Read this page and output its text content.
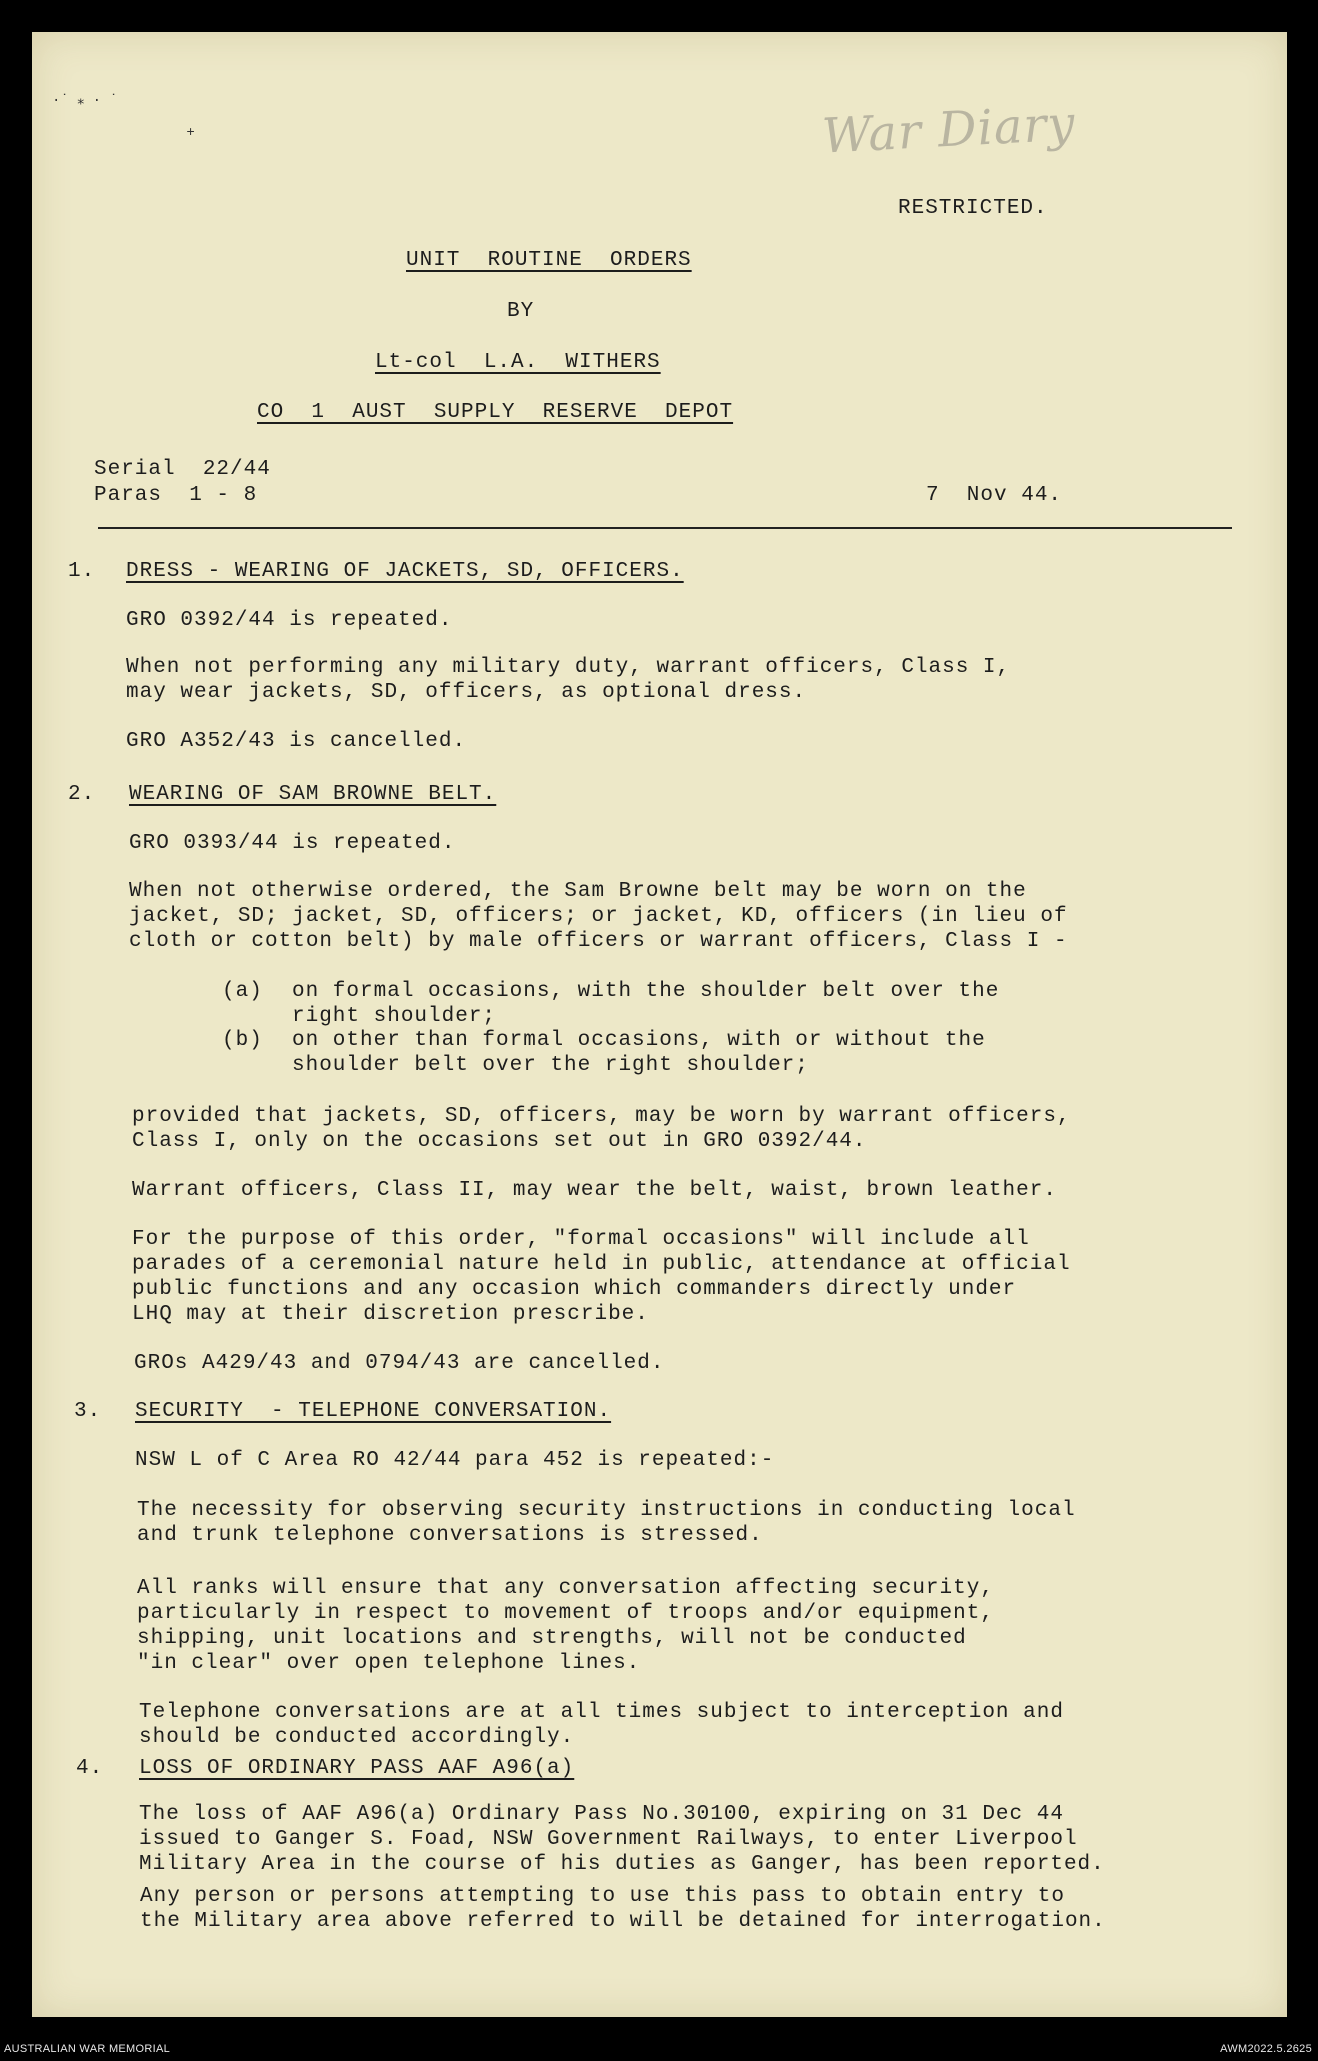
·˙ ⁎ · ˙

+	War Diary
RESTRICTED.
UNIT  ROUTINE  ORDERS
BY
Lt-col  L.A.  WITHERS
CO  1  AUST  SUPPLY  RESERVE  DEPOT
Serial  22/44
Paras  1 - 8	7  Nov 44.
1. DRESS - WEARING OF JACKETS, SD, OFFICERS.
GRO 0392/44 is repeated.
When not performing any military duty, warrant officers, Class I,
may wear jackets, SD, officers, as optional dress.
GRO A352/43 is cancelled.
2. WEARING OF SAM BROWNE BELT.
GRO 0393/44 is repeated.
When not otherwise ordered, the Sam Browne belt may be worn on the
jacket, SD; jacket, SD, officers; or jacket, KD, officers (in lieu of
cloth or cotton belt) by male officers or warrant officers, Class I -
(a) on formal occasions, with the shoulder belt over the
right shoulder;
(b) on other than formal occasions, with or without the
shoulder belt over the right shoulder;
provided that jackets, SD, officers, may be worn by warrant officers,
Class I, only on the occasions set out in GRO 0392/44.
Warrant officers, Class II, may wear the belt, waist, brown leather.
For the purpose of this order, "formal occasions" will include all
parades of a ceremonial nature held in public, attendance at official
public functions and any occasion which commanders directly under
LHQ may at their discretion prescribe.
GROs A429/43 and 0794/43 are cancelled.
3. SECURITY  - TELEPHONE CONVERSATION.
NSW L of C Area RO 42/44 para 452 is repeated:-
The necessity for observing security instructions in conducting local
and trunk telephone conversations is stressed.
All ranks will ensure that any conversation affecting security,
particularly in respect to movement of troops and/or equipment,
shipping, unit locations and strengths, will not be conducted
"in clear" over open telephone lines.
Telephone conversations are at all times subject to interception and
should be conducted accordingly.
4. LOSS OF ORDINARY PASS AAF A96(a)
The loss of AAF A96(a) Ordinary Pass No.30100, expiring on 31 Dec 44
issued to Ganger S. Foad, NSW Government Railways, to enter Liverpool
Military Area in the course of his duties as Ganger, has been reported.
Any person or persons attempting to use this pass to obtain entry to
the Military area above referred to will be detained for interrogation.
AUSTRALIAN WAR MEMORIAL	AWM2022.5.2625
